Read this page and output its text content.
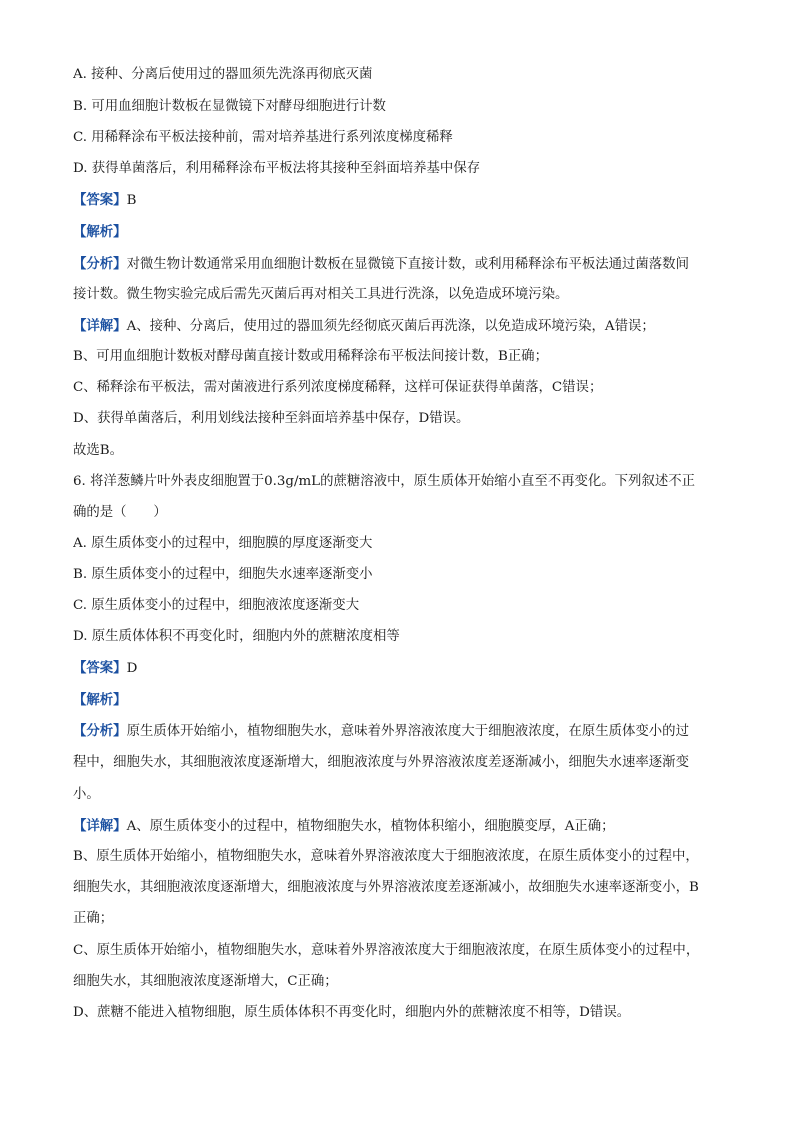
A. 接种、分离后使用过的器皿须先洗涤再彻底灭菌
B. 可用血细胞计数板在显微镜下对酵母细胞进行计数
C. 用稀释涂布平板法接种前，需对培养基进行系列浓度梯度稀释
D. 获得单菌落后，利用稀释涂布平板法将其接种至斜面培养基中保存
【答案】B
【解析】
【分析】对微生物计数通常采用血细胞计数板在显微镜下直接计数，或利用稀释涂布平板法通过菌落数间
接计数。微生物实验完成后需先灭菌后再对相关工具进行洗涤，以免造成环境污染。
【详解】A、接种、分离后，使用过的器皿须先经彻底灭菌后再洗涤，以免造成环境污染，A错误；
B、可用血细胞计数板对酵母菌直接计数或用稀释涂布平板法间接计数，B正确；
C、稀释涂布平板法，需对菌液进行系列浓度梯度稀释，这样可保证获得单菌落，C错误；
D、获得单菌落后，利用划线法接种至斜面培养基中保存，D错误。
故选B。
6. 将洋葱鳞片叶外表皮细胞置于0.3g/mL的蔗糖溶液中，原生质体开始缩小直至不再变化。下列叙述不正
确的是（　　）
A. 原生质体变小的过程中，细胞膜的厚度逐渐变大
B. 原生质体变小的过程中，细胞失水速率逐渐变小
C. 原生质体变小的过程中，细胞液浓度逐渐变大
D. 原生质体体积不再变化时，细胞内外的蔗糖浓度相等
【答案】D
【解析】
【分析】原生质体开始缩小，植物细胞失水，意味着外界溶液浓度大于细胞液浓度，在原生质体变小的过
程中，细胞失水，其细胞液浓度逐渐增大，细胞液浓度与外界溶液浓度差逐渐减小，细胞失水速率逐渐变
小。
【详解】A、原生质体变小的过程中，植物细胞失水，植物体积缩小，细胞膜变厚，A正确；
B、原生质体开始缩小，植物细胞失水，意味着外界溶液浓度大于细胞液浓度，在原生质体变小的过程中，
细胞失水，其细胞液浓度逐渐增大，细胞液浓度与外界溶液浓度差逐渐减小，故细胞失水速率逐渐变小，B
正确；
C、原生质体开始缩小，植物细胞失水，意味着外界溶液浓度大于细胞液浓度，在原生质体变小的过程中，
细胞失水，其细胞液浓度逐渐增大，C正确；
D、蔗糖不能进入植物细胞，原生质体体积不再变化时，细胞内外的蔗糖浓度不相等，D错误。
